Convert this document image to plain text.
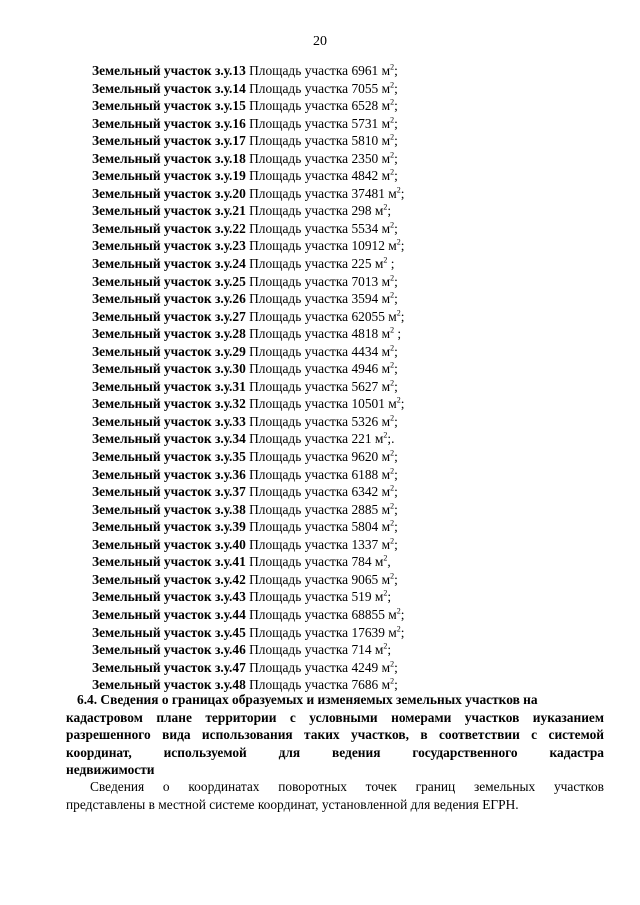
20
Земельный участок з.у.13 Площадь участка 6961 $м^2$;
Земельный участок з.у.14 Площадь участка 7055 $м^2$;
Земельный участок з.у.15 Площадь участка 6528 $м^2$;
Земельный участок з.у.16 Площадь участка 5731 $м^2$;
Земельный участок з.у.17 Площадь участка 5810 $м^2$;
Земельный участок з.у.18 Площадь участка 2350 $м^2$;
Земельный участок з.у.19 Площадь участка 4842 $м^2$;
Земельный участок з.у.20 Площадь участка 37481 $м^2$;
Земельный участок з.у.21 Площадь участка 298 $м^2$;
Земельный участок з.у.22 Площадь участка 5534 $м^2$;
Земельный участок з.у.23 Площадь участка 10912 $м^2$;
Земельный участок з.у.24 Площадь участка 225 $м^2$ ;
Земельный участок з.у.25 Площадь участка 7013 $м^2$;
Земельный участок з.у.26 Площадь участка 3594 $м^2$;
Земельный участок з.у.27 Площадь участка 62055 $м^2$;
Земельный участок з.у.28 Площадь участка 4818 $м^2$ ;
Земельный участок з.у.29 Площадь участка 4434 $м^2$;
Земельный участок з.у.30 Площадь участка 4946 $м^2$;
Земельный участок з.у.31 Площадь участка 5627 $м^2$;
Земельный участок з.у.32 Площадь участка 10501 $м^2$;
Земельный участок з.у.33 Площадь участка 5326 $м^2$;
Земельный участок з.у.34 Площадь участка 221 $м^2$;.
Земельный участок з.у.35 Площадь участка 9620 $м^2$;
Земельный участок з.у.36 Площадь участка 6188 $м^2$;
Земельный участок з.у.37 Площадь участка 6342 $м^2$;
Земельный участок з.у.38 Площадь участка 2885 $м^2$;
Земельный участок з.у.39 Площадь участка 5804 $м^2$;
Земельный участок з.у.40 Площадь участка 1337 $м^2$;
Земельный участок з.у.41 Площадь участка 784 $м^2$,
Земельный участок з.у.42 Площадь участка 9065 $м^2$;
Земельный участок з.у.43 Площадь участка 519 $м^2$;
Земельный участок з.у.44 Площадь участка 68855 $м^2$;
Земельный участок з.у.45 Площадь участка 17639 $м^2$;
Земельный участок з.у.46 Площадь участка 714 $м^2$;
Земельный участок з.у.47 Площадь участка 4249 $м^2$;
Земельный участок з.у.48 Площадь участка 7686 $м^2$;
6.4. Сведения о границах образуемых и изменяемых земельных участков на
кадастровом плане территории с условными номерами участков иуказанием
разрешенного вида использования таких участков, в соответствии с системой
координат, используемой для ведения государственного кадастра
недвижимости
Сведения о координатах поворотных точек границ земельных участков
представлены в местной системе координат, установленной для ведения ЕГРН.
